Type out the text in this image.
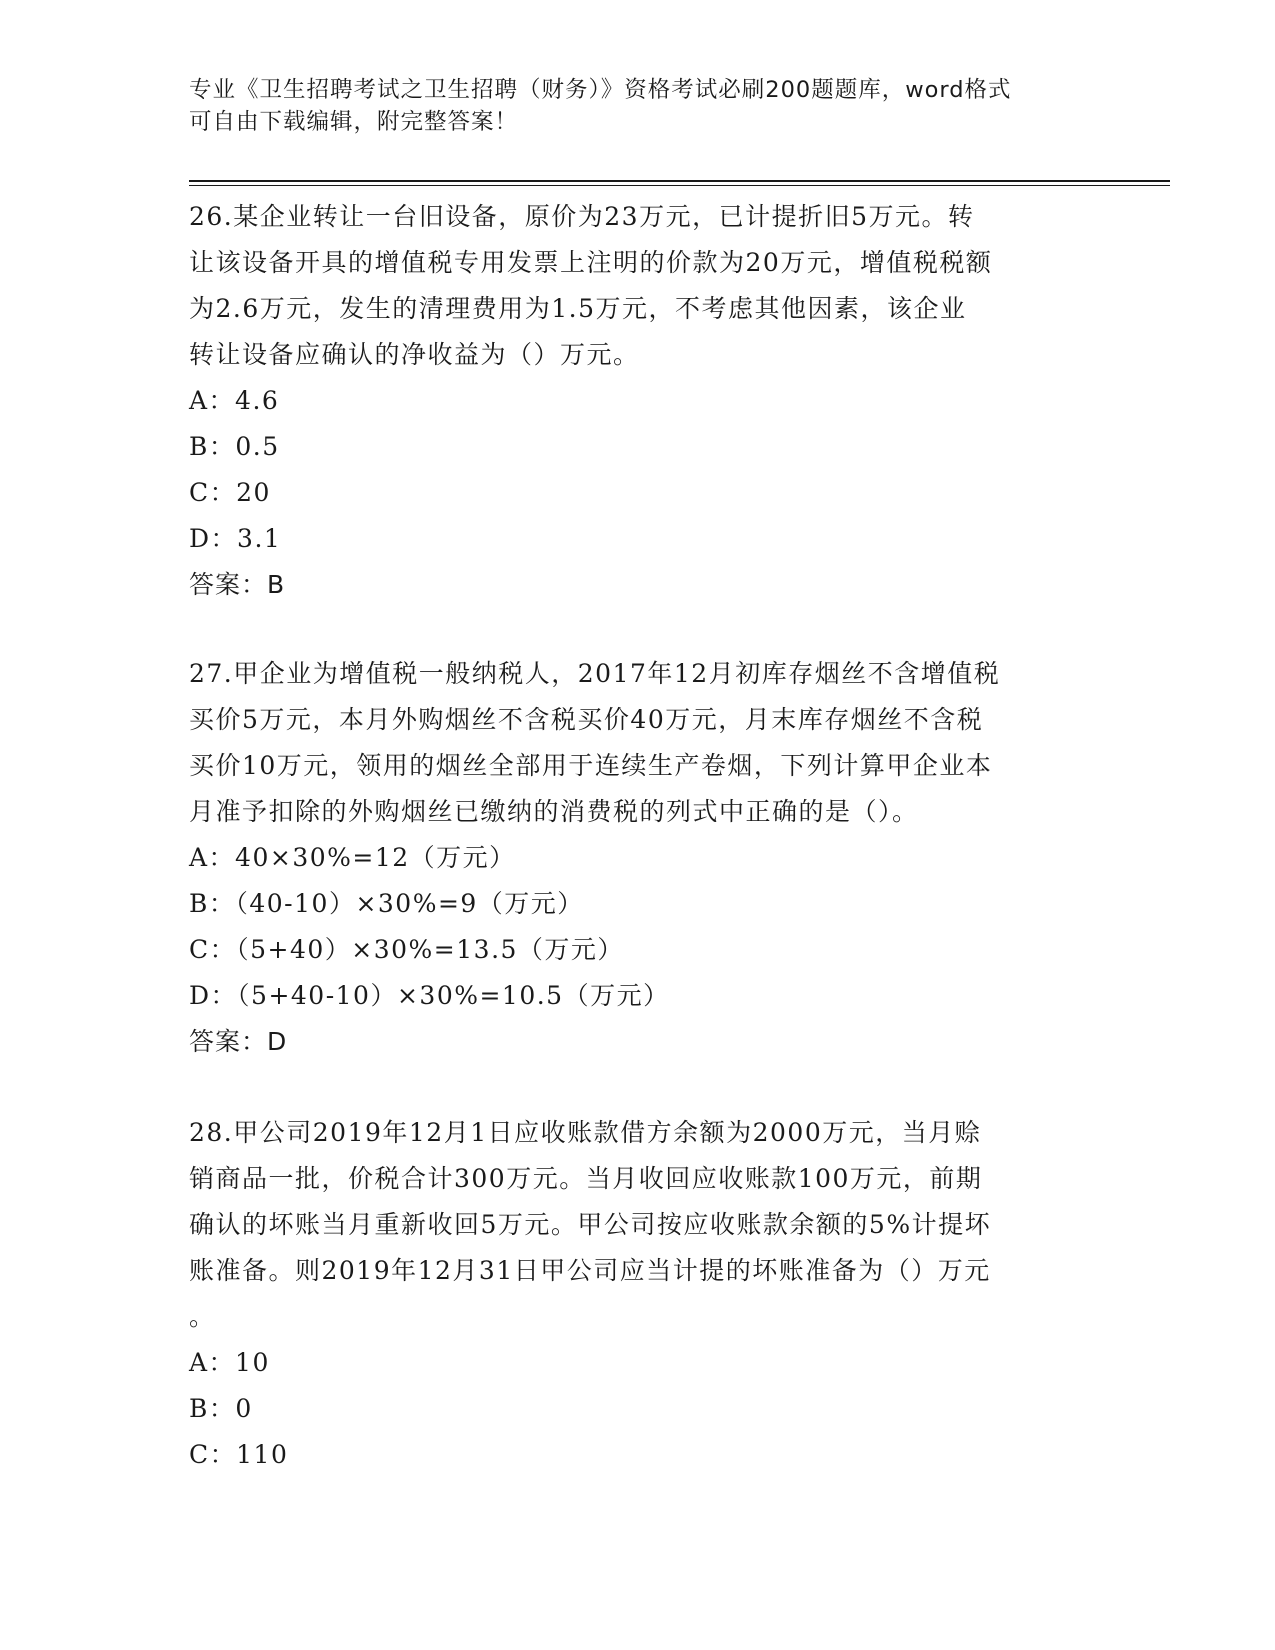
专业《卫生招聘考试之卫生招聘（财务）》资格考试必刷200题题库，word格式
可自由下载编辑，附完整答案！
26.某企业转让一台旧设备，原价为23万元，已计提折旧5万元。转
让该设备开具的增值税专用发票上注明的价款为20万元，增值税税额
为2.6万元，发生的清理费用为1.5万元，不考虑其他因素，该企业
转让设备应确认的净收益为（）万元。
A：4.6
B：0.5
C：20
D：3.1
答案：B
27.甲企业为增值税一般纳税人，2017年12月初库存烟丝不含增值税
买价5万元，本月外购烟丝不含税买价40万元，月末库存烟丝不含税
买价10万元，领用的烟丝全部用于连续生产卷烟，下列计算甲企业本
月准予扣除的外购烟丝已缴纳的消费税的列式中正确的是（）。
A：40×30%=12（万元）
B：（40-10）×30%=9（万元）
C：（5+40）×30%=13.5（万元）
D：（5+40-10）×30%=10.5（万元）
答案：D
28.甲公司2019年12月1日应收账款借方余额为2000万元，当月赊
销商品一批，价税合计300万元。当月收回应收账款100万元，前期
确认的坏账当月重新收回5万元。甲公司按应收账款余额的5%计提坏
账准备。则2019年12月31日甲公司应当计提的坏账准备为（）万元
。
A：10
B：0
C：110
